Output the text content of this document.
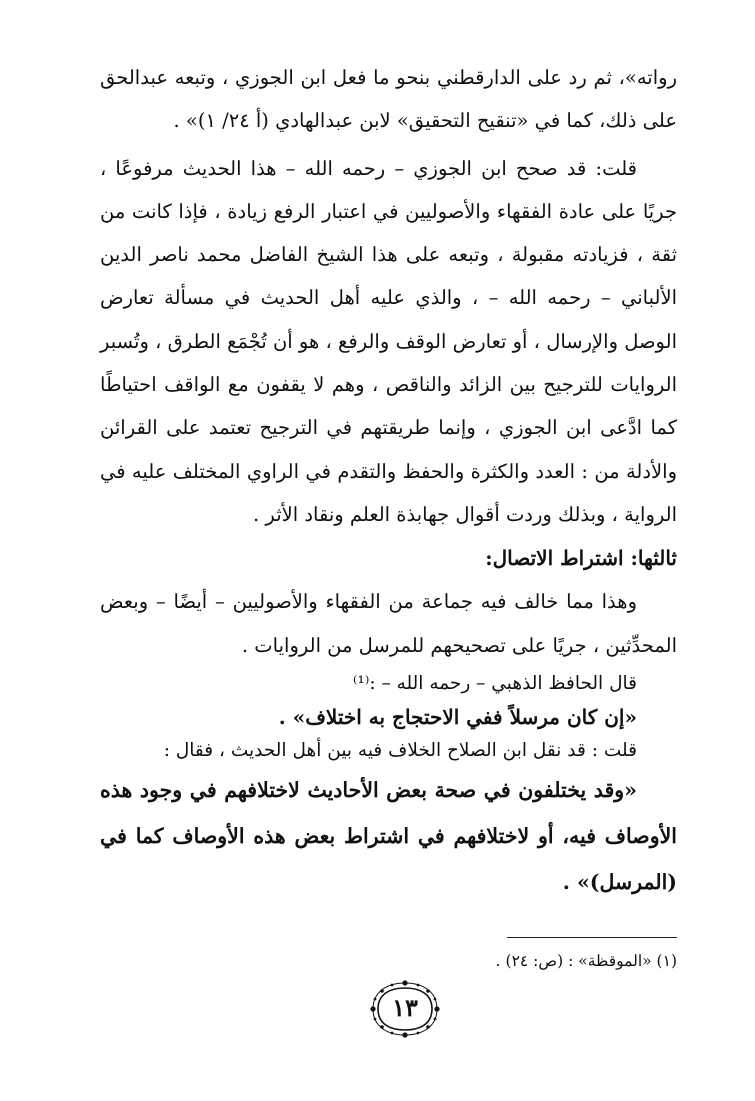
رواته»، ثم رد على الدارقطني بنحو ما فعل ابن الجوزي ، وتبعه عبدالحق على ذلك، كما في «تنقيح التحقيق» لابن عبدالهادي (أ ٢٤/ ١)» .

قلت: قد صحح ابن الجوزي – رحمه الله – هذا الحديث مرفوعًا ، جريًا على عادة الفقهاء والأصوليين في اعتبار الرفع زيادة ، فإذا كانت من ثقة ، فزيادته مقبولة ، وتبعه على هذا الشيخ الفاضل محمد ناصر الدين الألباني – رحمه الله – ، والذي عليه أهل الحديث في مسألة تعارض الوصل والإرسال ، أو تعارض الوقف والرفع ، هو أن تُجْمَع الطرق ، وتُسبر الروايات للترجيح بين الزائد والناقص ، وهم لا يقفون مع الواقف احتياطًا كما ادَّعى ابن الجوزي ، وإنما طريقتهم في الترجيح تعتمد على القرائن والأدلة من : العدد والكثرة والحفظ والتقدم في الراوي المختلف عليه في الرواية ، وبذلك وردت أقوال جهابذة العلم ونقاد الأثر .

ثالثها: اشتراط الاتصال:

وهذا مما خالف فيه جماعة من الفقهاء والأصوليين – أيضًا – وبعض المحدِّثين ، جريًا على تصحيحهم للمرسل من الروايات .

قال الحافظ الذهبي – رحمه الله – :⁽¹⁾

«إن كان مرسلاً ففي الاحتجاج به اختلاف» .

قلت : قد نقل ابن الصلاح الخلاف فيه بين أهل الحديث ، فقال :

«وقد يختلفون في صحة بعض الأحاديث لاختلافهم في وجود هذه الأوصاف فيه، أو لاختلافهم في اشتراط بعض هذه الأوصاف كما في (المرسل)» .

(١) «الموقظة» : (ص: ٢٤) .
١٣
